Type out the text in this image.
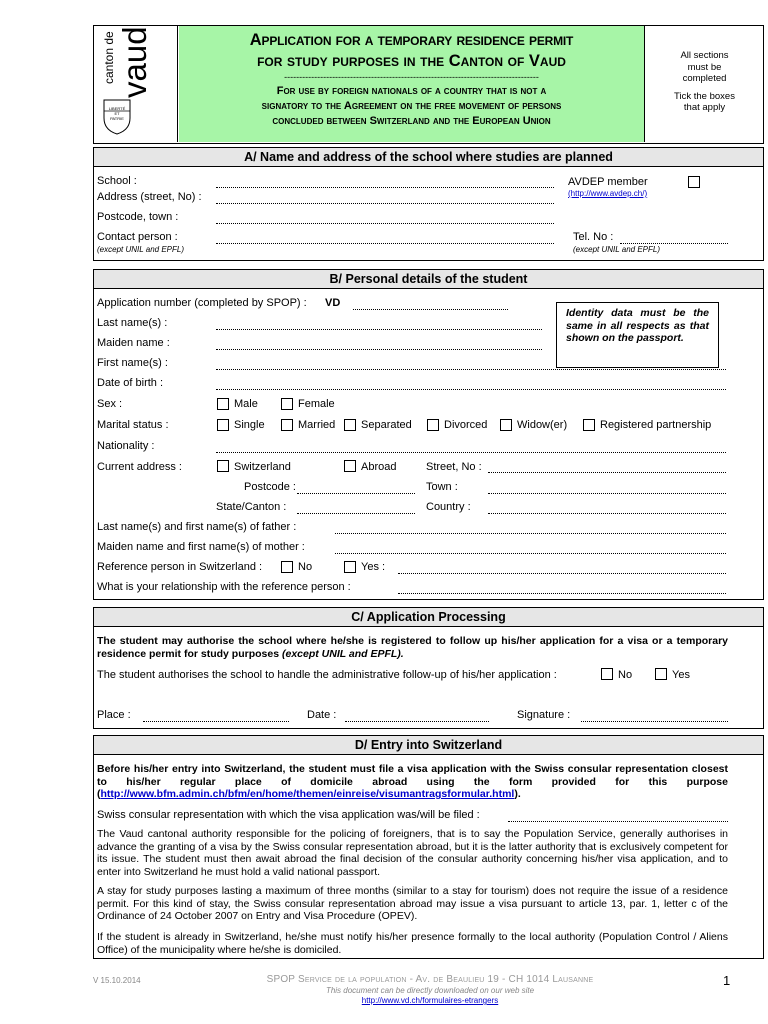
canton de vaud
LIBERTÉ
ET
PATRIE
Application for a temporary residence permit
for study purposes in the Canton of Vaud
-------------------------------------------------------------------------------------
For use by foreign nationals of a country that is not a
signatory to the Agreement on the free movement of persons
concluded between Switzerland and the European Union
All sections
must be
completed
Tick the boxes
that apply
A/ Name and address of the school where studies are planned
School :
Address (street, No) :
Postcode, town :
Contact person :
(except UNIL and EPFL)
AVDEP member
(http://www.avdep.ch/)
Tel. No :
(except UNIL and EPFL)
B/ Personal details of the student
Application number (completed by SPOP) : VD
Identity data must be the same in all respects as that shown on the passport.
Last name(s) :
Maiden name :
First name(s) :
Date of birth :
Sex :	Male	Female
Marital status :	Single	Married Separated	Divorced	Widow(er)	Registered partnership
Nationality :
Current address :	Switzerland	Abroad	Street, No :
Postcode :	Town :
State/Canton :	Country :
Last name(s) and first name(s) of father :
Maiden name and first name(s) of mother :
Reference person in Switzerland :	No	Yes :
What is your relationship with the reference person :
C/ Application Processing
The student may authorise the school where he/she is registered to follow up his/her application for a visa or a temporary residence permit for study purposes (except UNIL and EPFL).
The student authorises the school to handle the administrative follow-up of his/her application :	No	Yes
Place :	Date :	Signature :
D/ Entry into Switzerland
Before his/her entry into Switzerland, the student must file a visa application with the Swiss consular representation closest to his/her regular place of domicile abroad using the form provided for this purpose (http://www.bfm.admin.ch/bfm/en/home/themen/einreise/visumantragsformular.html).
Swiss consular representation with which the visa application was/will be filed :
The Vaud cantonal authority responsible for the policing of foreigners, that is to say the Population Service, generally authorises in advance the granting of a visa by the Swiss consular representation abroad, but it is the latter authority that is exclusively competent for its issue. The student must then await abroad the final decision of the consular authority concerning his/her visa application, and to enter into Switzerland he must hold a valid national passport.
A stay for study purposes lasting a maximum of three months (similar to a stay for tourism) does not require the issue of a residence permit. For this kind of stay, the Swiss consular representation abroad may issue a visa pursuant to article 13, par. 1, letter c of the Ordinance of 24 October 2007 on Entry and Visa Procedure (OPEV).
If the student is already in Switzerland, he/she must notify his/her presence formally to the local authority (Population Control / Aliens Office) of the municipality where he/she is domiciled.
V 15.10.2014	SPOP Service de la population - Av. de Beaulieu 19 - CH 1014 Lausanne
This document can be directly downloaded on our web site
http://www.vd.ch/formulaires-etrangers
1
